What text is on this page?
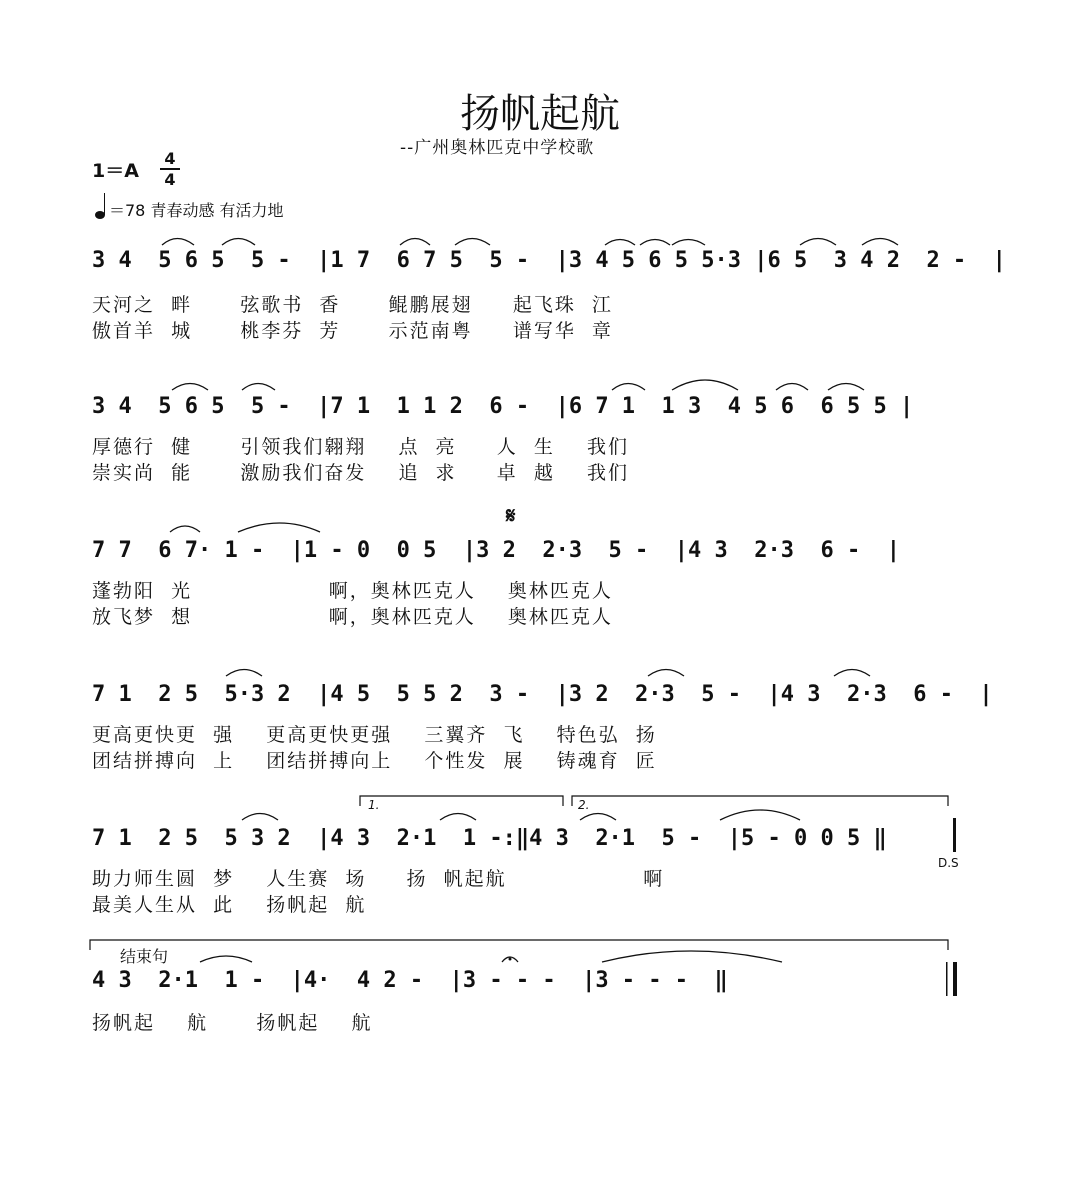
扬帆起航
--广州奥林匹克中学校歌
1＝A
4
4
＝78 青春动感 有活力地
3 4  5 6 5  5 -  |1 7  6 7 5  5 -  |3 4 5 6 5 5·3 |6 5  3 4 2  2 -  |
天河之  畔      弦歌书  香      鲲鹏展翅     起飞珠  江
傲首羊  城      桃李芬  芳      示范南粤     谱写华  章
3 4  5 6 5  5 -  |7 1  1 1 2  6 -  |6 7 1  1 3  4 5 6  6 5 5 |
厚德行  健      引领我们翱翔    点  亮     人  生    我们
崇实尚  能      激励我们奋发    追  求     卓  越    我们
𝄋
7 7  6 7· 1 -  |1 - 0  0 5  |3 2  2·3  5 -  |4 3  2·3  6 -  |
蓬勃阳  光                 啊，奥林匹克人    奥林匹克人
放飞梦  想                 啊，奥林匹克人    奥林匹克人
7 1  2 5  5·3 2  |4 5  5 5 2  3 -  |3 2  2·3  5 -  |4 3  2·3  6 -  |
更高更快更  强    更高更快更强    三翼齐  飞    特色弘  扬
团结拼搏向  上    团结拼搏向上    个性发  展    铸魂育  匠
1.	2.
7 1  2 5  5 3 2  |4 3  2·1  1 -:‖4 3  2·1  5 -  |5 - 0 0 5 ‖
D.S
助力师生圆  梦    人生赛  场     扬  帆起航                 啊
最美人生从  此    扬帆起  航
结束句
4 3  2·1  1 -  |4·  4 2 -  |3 - - -  |3 - - -  ‖
扬帆起    航      扬帆起    航
